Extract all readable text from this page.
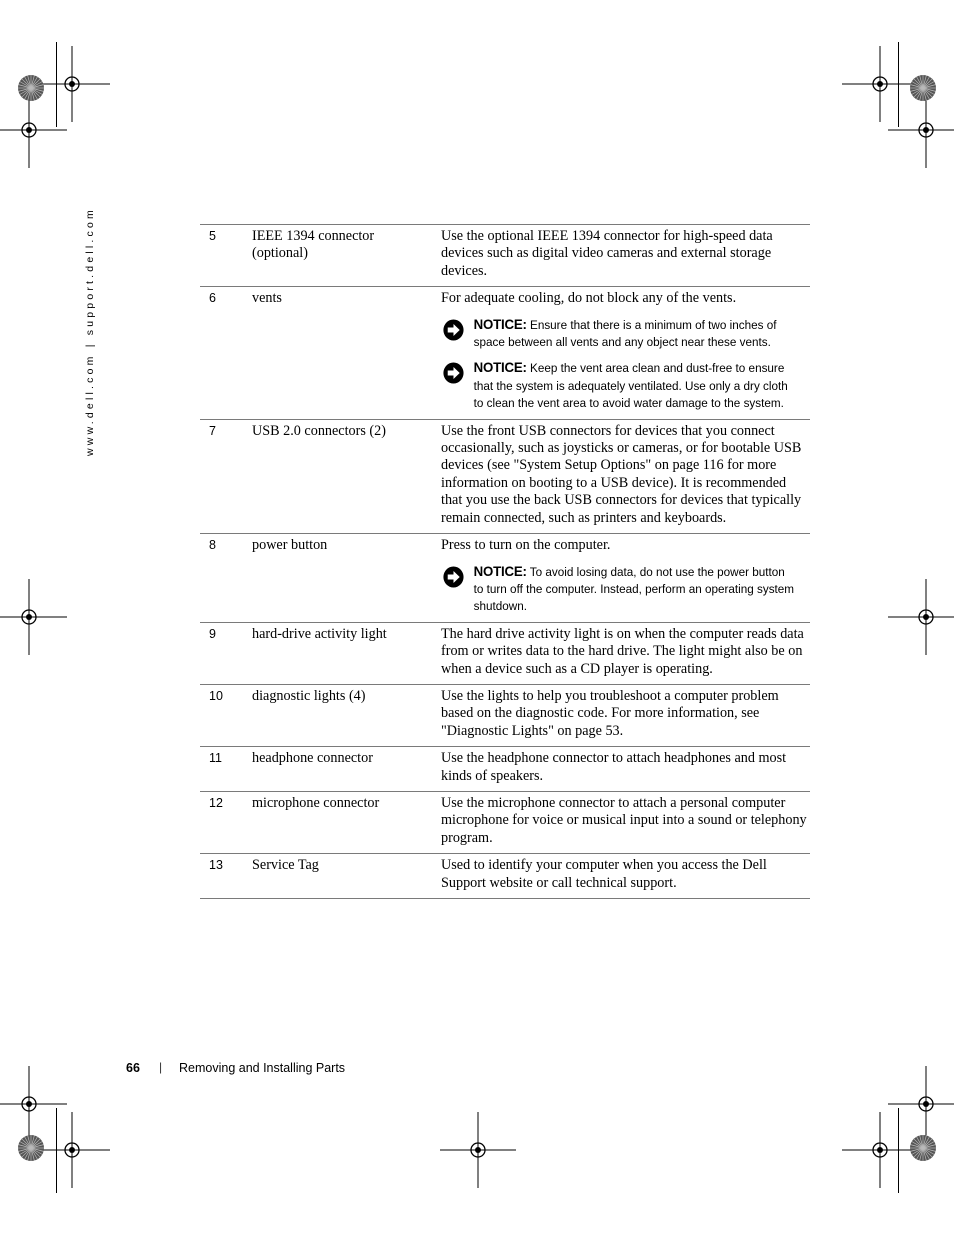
www.dell.com | support.dell.com	5	IEEE 1394 connector (optional)	Use the optional IEEE 1394 connector for high-speed data devices such as digital video cameras and external storage devices.

6	vents	For adequate cooling, do not block any of the vents.
NOTICE: Ensure that there is a minimum of two inches of space between all vents and any object near these vents.
NOTICE: Keep the vent area clean and dust-free to ensure that the system is adequately ventilated. Use only a dry cloth to clean the vent area to avoid water damage to the system.

7	USB 2.0 connectors (2)	Use the front USB connectors for devices that you connect occasionally, such as joysticks or cameras, or for bootable USB devices (see "System Setup Options" on page 116 for more information on booting to a USB device). It is recommended that you use the back USB connectors for devices that typically remain connected, such as printers and keyboards.

8	power button	Press to turn on the computer.
NOTICE: To avoid losing data, do not use the power button to turn off the computer. Instead, perform an operating system shutdown.

9	hard-drive activity light	The hard drive activity light is on when the computer reads data from or writes data to the hard drive. The light might also be on when a device such as a CD player is operating.

10	diagnostic lights (4)	Use the lights to help you troubleshoot a computer problem based on the diagnostic code. For more information, see "Diagnostic Lights" on page 53.

11	headphone connector	Use the headphone connector to attach headphones and most kinds of speakers.

12	microphone connector	Use the microphone connector to attach a personal computer microphone for voice or musical input into a sound or telephony program.

13	Service Tag	Used to identify your computer when you access the Dell Support website or call technical support.
66 | Removing and Installing Parts
